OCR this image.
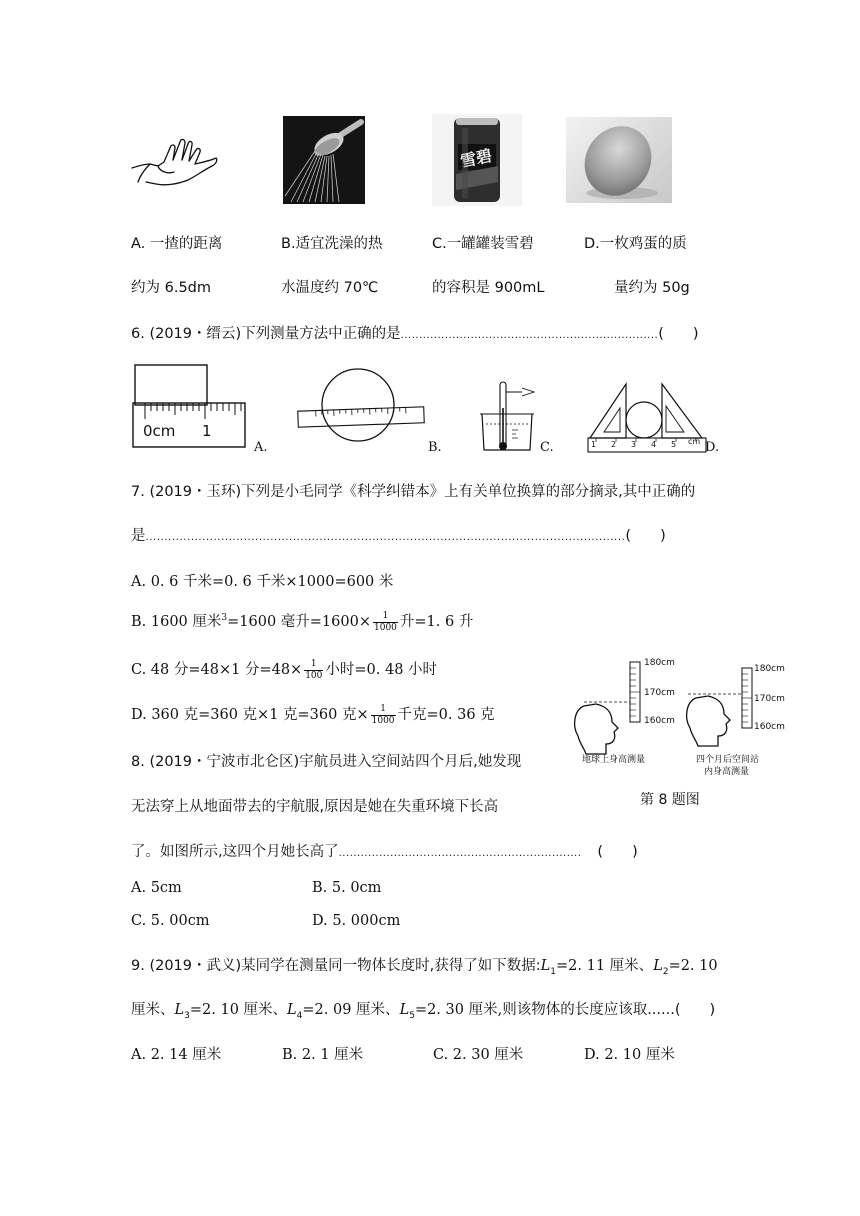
雪碧
A. 一揸的距离
约为 6.5dm
B.适宜洗澡的热
水温度约 70℃
C.一罐罐装雪碧
的容积是 900mL
D.一枚鸡蛋的质
量约为 50g
6. (2019・缙云)下列测量方法中正确的是......................................................................(　　)
0cm 1
A.	B.	C.	1 2 3 4 5 cm D.
7. (2019・玉环)下列是小毛同学《科学纠错本》上有关单位换算的部分摘录,其中正确的
是...............................................................................................................................(　　)
A. 0. 6 千米=0. 6 千米×1000=600 米
B. 1600 厘米$^3$=1600 毫升$=1600\times \frac{1}{1000}$ 升=1. 6 升
C. 48 分=48×1 分$=48\times \frac{1}{100}$ 小时=0. 48 小时
D. 360 克=360 克×1 克=360 克× $\frac{1}{1000}$ 千克=0. 36 克
180cm
170cm
160cm
180cm
170cm
160cm
地球上身高测量	四个月后空间站
内身高测量
第 8 题图
8. (2019・宁波市北仑区)宇航员进入空间站四个月后,她发现
无法穿上从地面带去的宇航服,原因是她在失重环境下长高
了。如图所示,这四个月她长高了.................................................................. (　　)
A. 5cm	B. 5. 0cm
C. 5. 00cm	D. 5. 000cm
9. (2019・武义)某同学在测量同一物体长度时,获得了如下数据$:L_1=2$. 11 厘米、$L_2=2$. 10
厘米、$L_3=2$. 10 厘米、$L_4=2$. 09 厘米、$L_5=2$. 30 厘米,则该物体的长度应该取......(　　)
A. 2. 14 厘米	B. 2. 1 厘米	C. 2. 30 厘米	D. 2. 10 厘米
